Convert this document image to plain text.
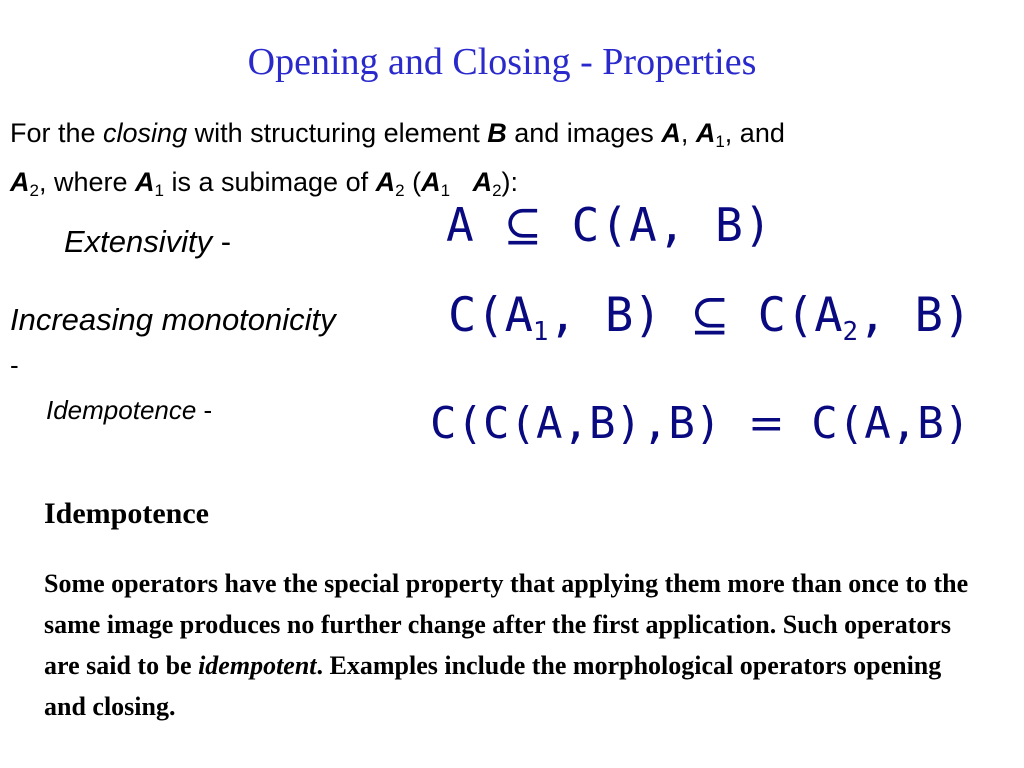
Opening and Closing - Properties
For the closing with structuring element B and images A, $A_1$, and
$A_2$, where $A_1$ is a subimage of $A_2$ ($A_1$ $A_2$):
Extensivity -	A ⊆ C(A, B)
Increasing monotonicity
-
$C(A_1$, B) ⊆ $C(A_2$, B)
Idempotence -	C(C(A,B),B) = C(A,B)
Idempotence
Some operators have the special property that applying them more than once to the same image produces no further change after the first application. Such operators are said to be idempotent. Examples include the morphological operators opening and closing.
